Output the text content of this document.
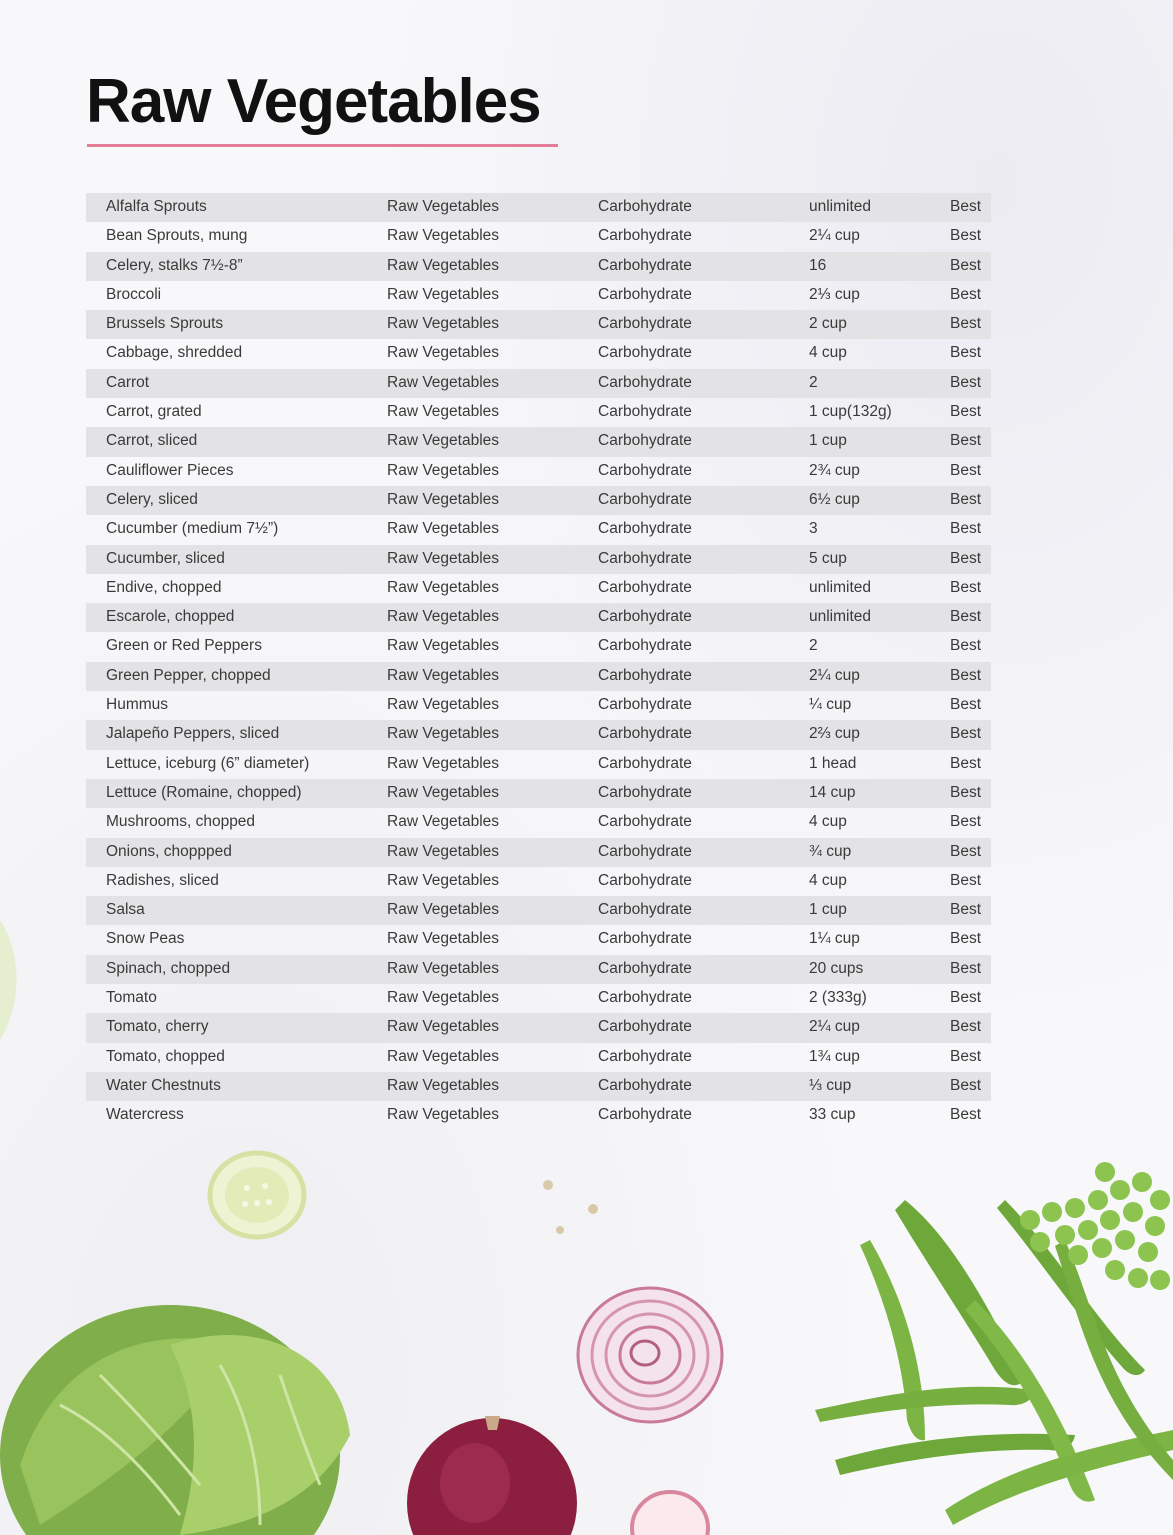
Raw Vegetables
Alfalfa Sprouts	Raw Vegetables	Carbohydrate	unlimited	Best
Bean Sprouts, mung	Raw Vegetables	Carbohydrate	2¼ cup	Best
Celery, stalks 7½-8”	Raw Vegetables	Carbohydrate	16	Best
Broccoli	Raw Vegetables	Carbohydrate	2⅓ cup	Best
Brussels Sprouts	Raw Vegetables	Carbohydrate	2 cup	Best
Cabbage, shredded	Raw Vegetables	Carbohydrate	4 cup	Best
Carrot	Raw Vegetables	Carbohydrate	2	Best
Carrot, grated	Raw Vegetables	Carbohydrate	1 cup(132g)	Best
Carrot, sliced	Raw Vegetables	Carbohydrate	1 cup	Best
Cauliflower Pieces	Raw Vegetables	Carbohydrate	2¾ cup	Best
Celery, sliced	Raw Vegetables	Carbohydrate	6½ cup	Best
Cucumber (medium 7½”)	Raw Vegetables	Carbohydrate	3	Best
Cucumber, sliced	Raw Vegetables	Carbohydrate	5 cup	Best
Endive, chopped	Raw Vegetables	Carbohydrate	unlimited	Best
Escarole, chopped	Raw Vegetables	Carbohydrate	unlimited	Best
Green or Red Peppers	Raw Vegetables	Carbohydrate	2	Best
Green Pepper, chopped	Raw Vegetables	Carbohydrate	2¼ cup	Best
Hummus	Raw Vegetables	Carbohydrate	¼ cup	Best
Jalapeño Peppers, sliced	Raw Vegetables	Carbohydrate	2⅔ cup	Best
Lettuce, iceburg (6” diameter)	Raw Vegetables	Carbohydrate	1 head	Best
Lettuce (Romaine, chopped)	Raw Vegetables	Carbohydrate	14 cup	Best
Mushrooms, chopped	Raw Vegetables	Carbohydrate	4 cup	Best
Onions, choppped	Raw Vegetables	Carbohydrate	¾ cup	Best
Radishes, sliced	Raw Vegetables	Carbohydrate	4 cup	Best
Salsa	Raw Vegetables	Carbohydrate	1 cup	Best
Snow Peas	Raw Vegetables	Carbohydrate	1¼ cup	Best
Spinach, chopped	Raw Vegetables	Carbohydrate	20 cups	Best
Tomato	Raw Vegetables	Carbohydrate	2 (333g)	Best
Tomato, cherry	Raw Vegetables	Carbohydrate	2¼ cup	Best
Tomato, chopped	Raw Vegetables	Carbohydrate	1¾ cup	Best
Water Chestnuts	Raw Vegetables	Carbohydrate	⅓ cup	Best
Watercress	Raw Vegetables	Carbohydrate	33 cup	Best
